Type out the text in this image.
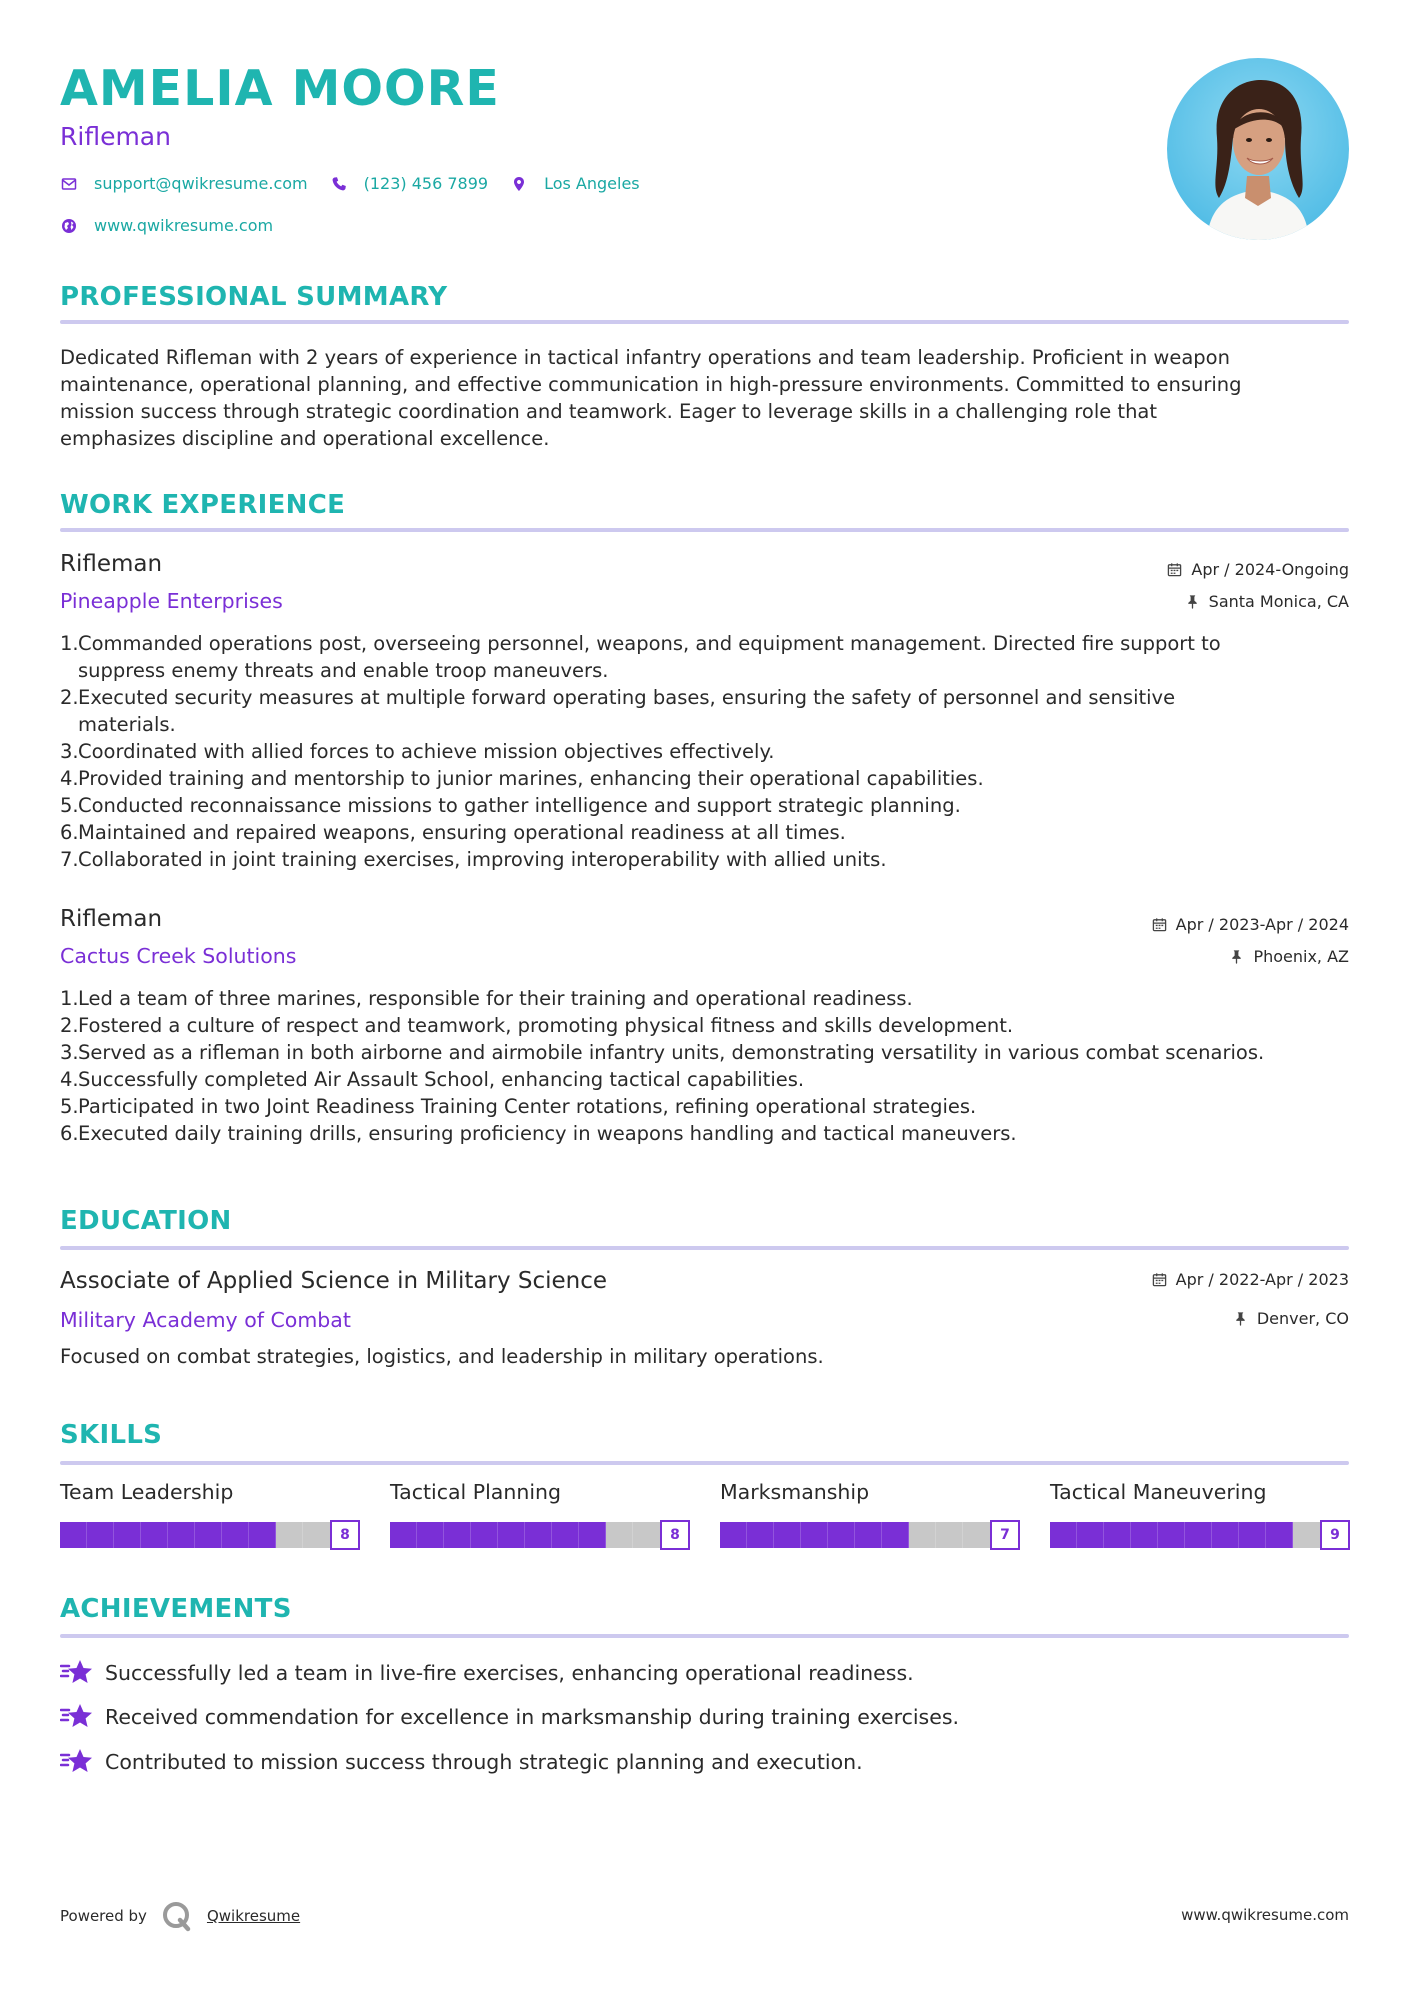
AMELIA MOORE
Rifleman
support@qwikresume.com	(123) 456 7899	Los Angeles
www.qwikresume.com
PROFESSIONAL SUMMARY
Dedicated Rifleman with 2 years of experience in tactical infantry operations and team leadership. Proficient in weapon
maintenance, operational planning, and effective communication in high-pressure environments. Committed to ensuring
mission success through strategic coordination and teamwork. Eager to leverage skills in a challenging role that
emphasizes discipline and operational excellence.
WORK EXPERIENCE
Rifleman
Pineapple Enterprises
Apr / 2024-Ongoing
Santa Monica, CA
1. Commanded operations post, overseeing personnel, weapons, and equipment management. Directed fire support to
suppress enemy threats and enable troop maneuvers.
2. Executed security measures at multiple forward operating bases, ensuring the safety of personnel and sensitive
materials.
3. Coordinated with allied forces to achieve mission objectives effectively.
4. Provided training and mentorship to junior marines, enhancing their operational capabilities.
5. Conducted reconnaissance missions to gather intelligence and support strategic planning.
6. Maintained and repaired weapons, ensuring operational readiness at all times.
7. Collaborated in joint training exercises, improving interoperability with allied units.
Rifleman
Cactus Creek Solutions
Apr / 2023-Apr / 2024
Phoenix, AZ
1. Led a team of three marines, responsible for their training and operational readiness.
2. Fostered a culture of respect and teamwork, promoting physical fitness and skills development.
3. Served as a rifleman in both airborne and airmobile infantry units, demonstrating versatility in various combat scenarios.
4. Successfully completed Air Assault School, enhancing tactical capabilities.
5. Participated in two Joint Readiness Training Center rotations, refining operational strategies.
6. Executed daily training drills, ensuring proficiency in weapons handling and tactical maneuvers.
EDUCATION
Associate of Applied Science in Military Science
Military Academy of Combat
Apr / 2022-Apr / 2023
Denver, CO
Focused on combat strategies, logistics, and leadership in military operations.
SKILLS
Team Leadership
8
Tactical Planning
8
Marksmanship
7
Tactical Maneuvering
9
ACHIEVEMENTS
Successfully led a team in live-fire exercises, enhancing operational readiness.
Received commendation for excellence in marksmanship during training exercises.
Contributed to mission success through strategic planning and execution.
Powered by	Qwikresume	www.qwikresume.com
